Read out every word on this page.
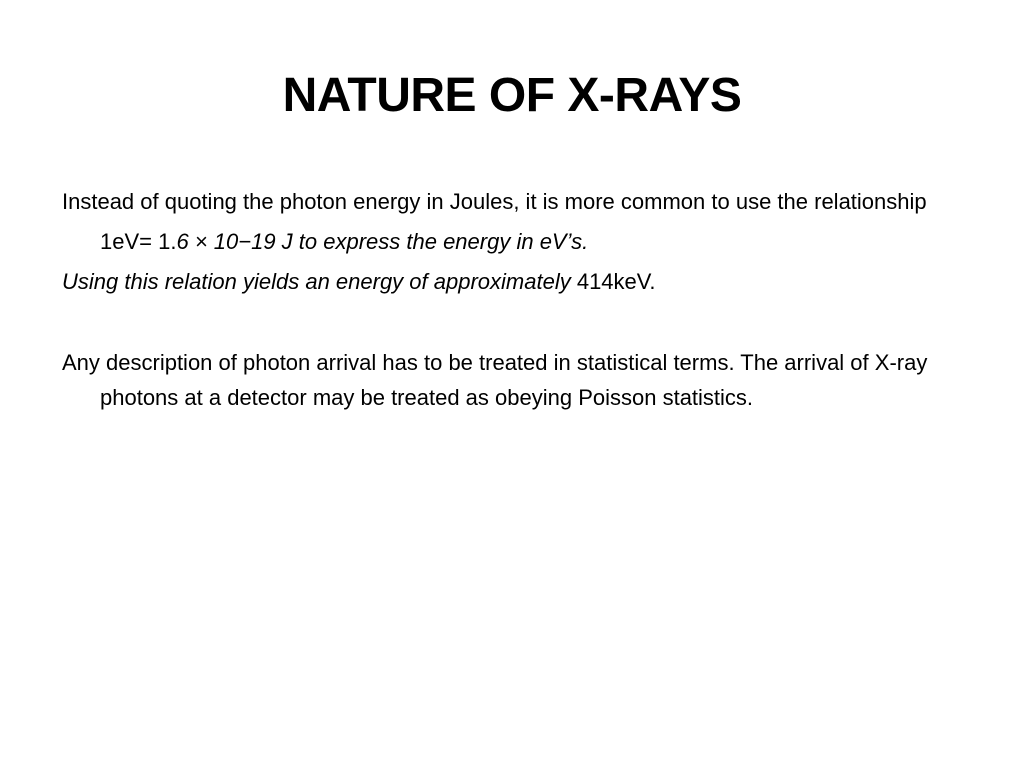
NATURE OF X-RAYS

Instead of quoting the photon energy in Joules, it is more common to use the relationship

1eV= 1.6 × 10−19 J to express the energy in eV’s.

Using this relation yields an energy of approximately 414keV.

Any description of photon arrival has to be treated in statistical terms. The arrival of X-ray photons at a detector may be treated as obeying Poisson statistics.
